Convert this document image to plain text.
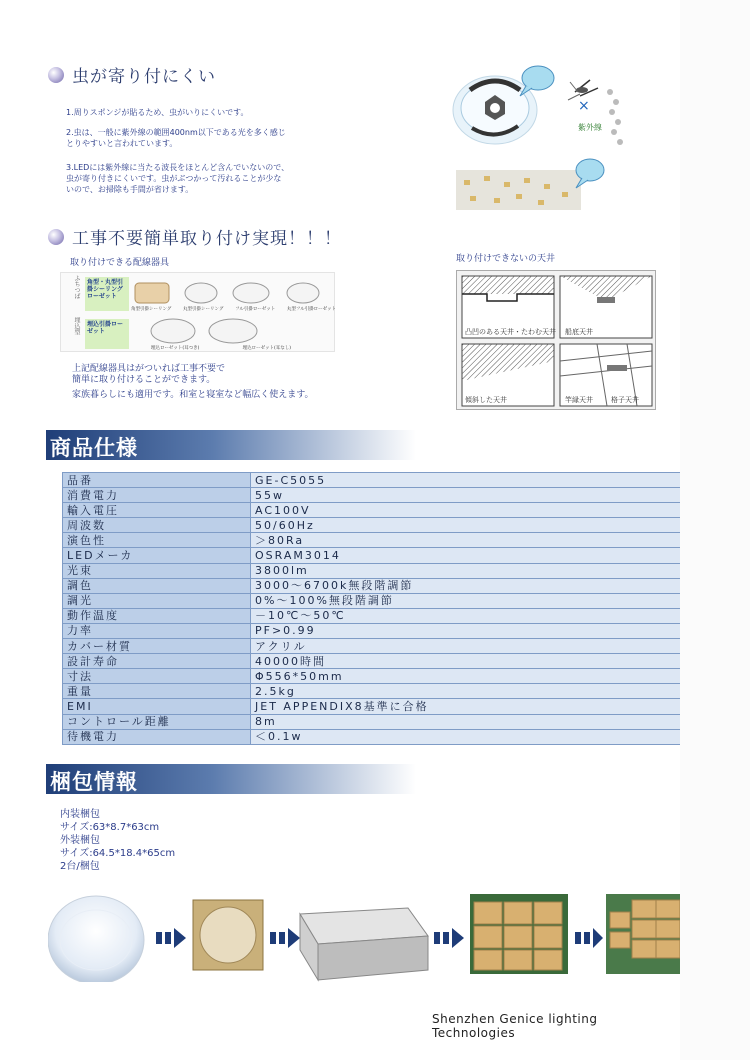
虫が寄り付にくい
1.周りスポンジが貼るため、虫がいりにくいです。
2.虫は、一般に紫外線の範囲400nm以下である光を多く感じ
とりやすいと言われています。
3.LEDには紫外線に当たる波長をほとんど含んでいないので、
虫が寄り付きにくいです。虫がぶつかって汚れることが少な
いので、お掃除も手間が省けます。
×
紫外線
工事不要簡単取り付け実現！！！
取り付けできる配線器具	取り付けできないの天井
ふちつば	角型・丸型引掛シーリングローゼット
埋込型	埋込引掛ローゼット
角型引掛シーリング	丸型引掛シーリング	フル引掛ローゼット	丸型フル引掛ローゼット
埋込ローゼット(耳つき)	埋込ローゼット(耳なし)
上記配線器具はがついれば工事不要で
簡単に取り付けることができます。
家族暮らしにも適用です。和室と寝室など幅広く使えます。
凸凹のある天井・たわむ天井 船底天井
傾斜した天井	竿縁天井	格子天井
商品仕様
品番	GE-C5055
消費電力	55w
輸入電圧	AC100V
周波数	50/60Hz
演色性	＞80Ra
LEDメーカ	OSRAM3014
光束	3800lm
調色	3000～6700k無段階調節
調光	0%～100%無段階調節
動作温度	－10℃～50℃
力率	PF>0.99
カバー材質	アクリル
設計寿命	40000時間
寸法	Φ556*50mm
重量	2.5kg
EMI	JET APPENDIX8基準に合格
コントロール距離	8m
待機電力	＜0.1w
梱包情報
内装梱包
サイズ:63*8.7*63cm
外装梱包
サイズ:64.5*18.4*65cm
2台/梱包
Shenzhen Genice lighting Technologies
